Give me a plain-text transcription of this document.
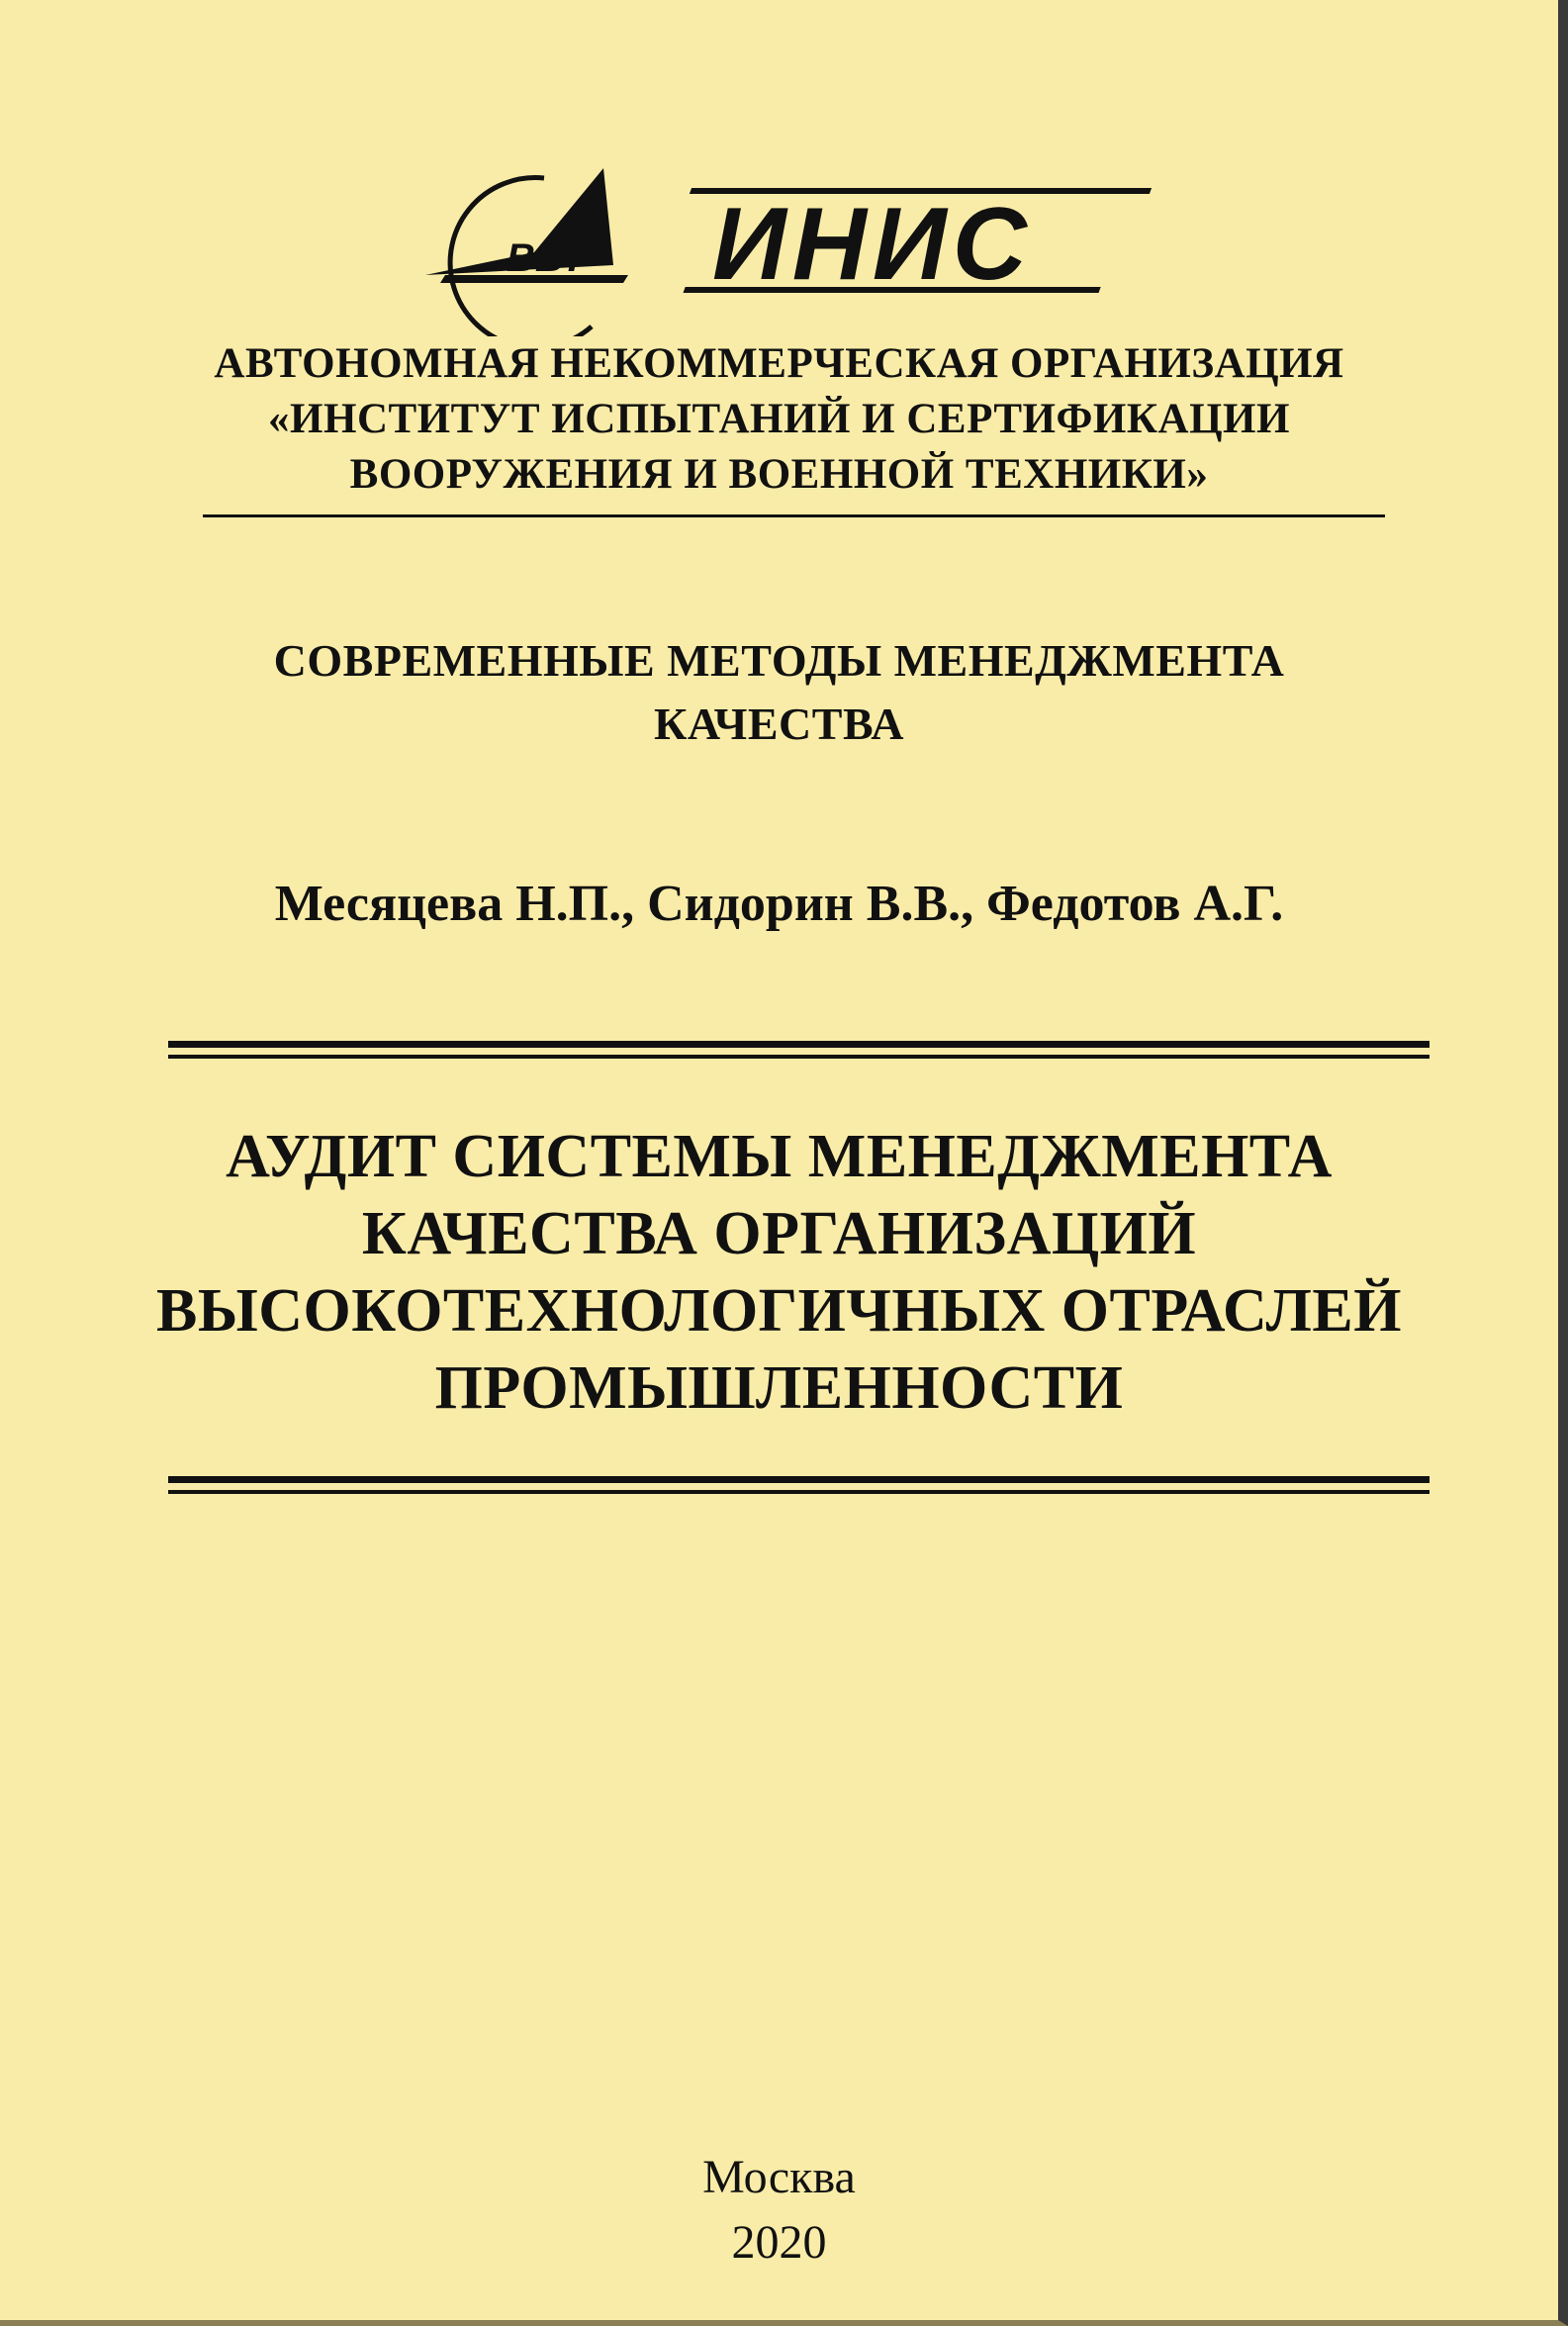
ВВТ ИНИС
АВТОНОМНАЯ НЕКОММЕРЧЕСКАЯ ОРГАНИЗАЦИЯ
«ИНСТИТУТ ИСПЫТАНИЙ И СЕРТИФИКАЦИИ
ВООРУЖЕНИЯ И ВОЕННОЙ ТЕХНИКИ»
СОВРЕМЕННЫЕ МЕТОДЫ МЕНЕДЖМЕНТА
КАЧЕСТВА
Месяцева Н.П., Сидорин В.В., Федотов А.Г.
АУДИТ СИСТЕМЫ МЕНЕДЖМЕНТА
КАЧЕСТВА ОРГАНИЗАЦИЙ
ВЫСОКОТЕХНОЛОГИЧНЫХ ОТРАСЛЕЙ
ПРОМЫШЛЕННОСТИ
Москва
2020
